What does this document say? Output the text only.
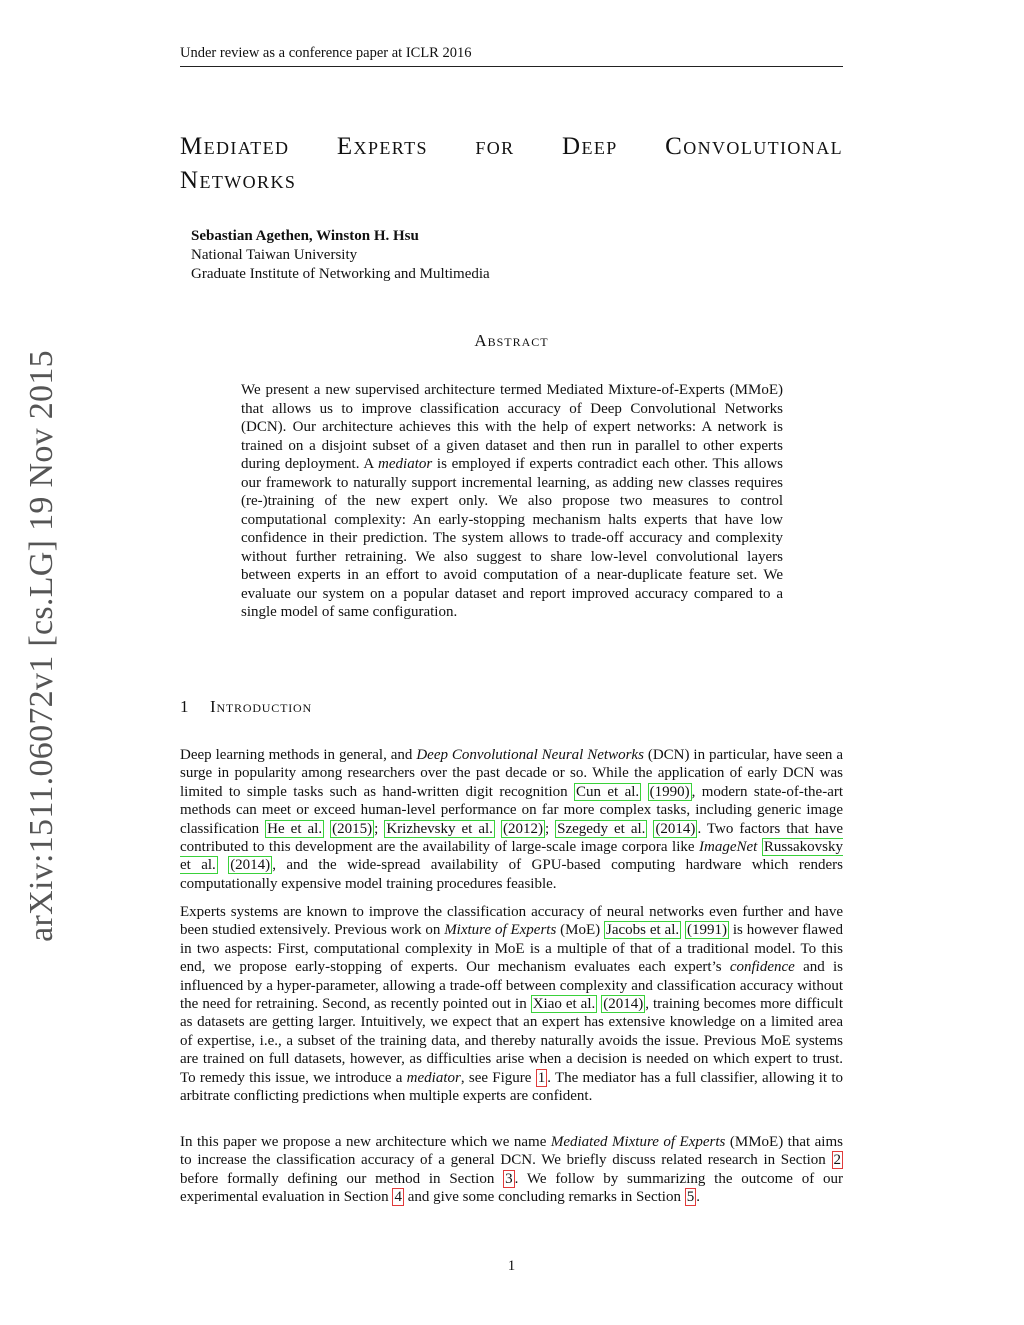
Under review as a conference paper at ICLR 2016
arXiv:1511.06072v1 [cs.LG] 19 Nov 2015
Mediated Experts for Deep Convolutional
Networks
Sebastian Agethen, Winston H. Hsu
National Taiwan University
Graduate Institute of Networking and Multimedia
Abstract
We present a new supervised architecture termed Mediated Mixture-of-Experts (MMoE) that allows us to improve classification accuracy of Deep Convolutional Networks (DCN). Our architecture achieves this with the help of expert networks: A network is trained on a disjoint subset of a given dataset and then run in parallel to other experts during deployment. A mediator is employed if experts contradict each other. This allows our framework to naturally support incremental learning, as adding new classes requires (re-)training of the new expert only. We also propose two measures to control computational complexity: An early-stopping mechanism halts experts that have low confidence in their prediction. The system allows to trade-off accuracy and complexity without further retraining. We also suggest to share low-level convolutional layers between experts in an effort to avoid computation of a near-duplicate feature set. We evaluate our system on a popular dataset and report improved accuracy compared to a single model of same configuration.
1 Introduction
Deep learning methods in general, and Deep Convolutional Neural Networks (DCN) in particular, have seen a surge in popularity among researchers over the past decade or so. While the application of early DCN was limited to simple tasks such as hand-written digit recognition Cun et al. (1990) , modern state-of-the-art methods can meet or exceed human-level performance on far more complex tasks, including generic image classification He et al. (2015) ; Krizhevsky et al. (2012) ; Szegedy et al. (2014) . Two factors that have contributed to this development are the availability of large-scale image corpora like ImageNet Russakovsky et al. (2014) , and the wide-spread availability of GPU-based computing hardware which renders computationally expensive model training procedures feasible.
Experts systems are known to improve the classification accuracy of neural networks even further and have been studied extensively. Previous work on Mixture of Experts (MoE) Jacobs et al. (1991) is however flawed in two aspects: First, computational complexity in MoE is a multiple of that of a traditional model. To this end, we propose early-stopping of experts. Our mechanism evaluates each expert’s confidence and is influenced by a hyper-parameter, allowing a trade-off between complexity and classification accuracy without the need for retraining. Second, as recently pointed out in Xiao et al. (2014) , training becomes more difficult as datasets are getting larger. Intuitively, we expect that an expert has extensive knowledge on a limited area of expertise, i.e., a subset of the training data, and thereby naturally avoids the issue. Previous MoE systems are trained on full datasets, however, as difficulties arise when a decision is needed on which expert to trust. To remedy this issue, we introduce a mediator, see Figure 1 . The mediator has a full classifier, allowing it to arbitrate conflicting predictions when multiple experts are confident.
In this paper we propose a new architecture which we name Mediated Mixture of Experts (MMoE) that aims to increase the classification accuracy of a general DCN. We briefly discuss related research in Section 2 before formally defining our method in Section 3 . We follow by summarizing the outcome of our experimental evaluation in Section 4 and give some concluding remarks in Section 5 .
1
